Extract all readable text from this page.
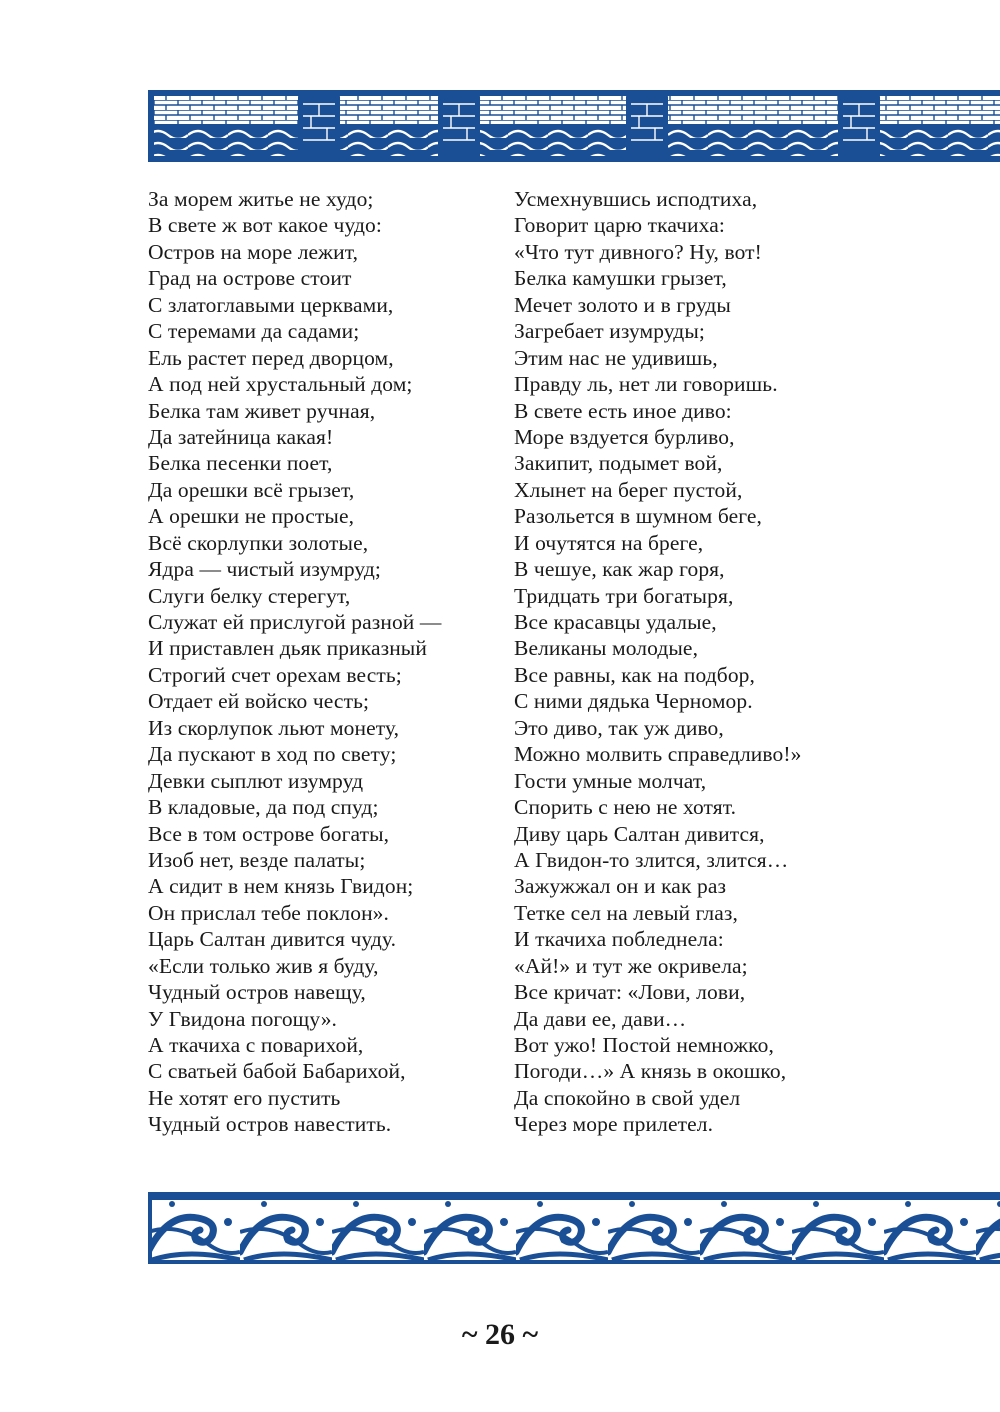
За морем житье не худо;
В свете ж вот какое чудо:
Остров на море лежит,
Град на острове стоит
С златоглавыми церквами,
С теремами да садами;
Ель растет перед дворцом,
А под ней хрустальный дом;
Белка там живет ручная,
Да затейница какая!
Белка песенки поет,
Да орешки всё грызет,
А орешки не простые,
Всё скорлупки золотые,
Ядра — чистый изумруд;
Слуги белку стерегут,
Служат ей прислугой разной —
И приставлен дьяк приказный
Строгий счет орехам весть;
Отдает ей войско честь;
Из скорлупок льют монету,
Да пускают в ход по свету;
Девки сыплют изумруд
В кладовые, да под спуд;
Все в том острове богаты,
Изоб нет, везде палаты;
А сидит в нем князь Гвидон;
Он прислал тебе поклон».
Царь Салтан дивится чуду.
«Если только жив я буду,
Чудный остров навещу,
У Гвидона погощу».
А ткачиха с поварихой,
С сватьей бабой Бабарихой,
Не хотят его пустить
Чудный остров навестить.
Усмехнувшись исподтиха,
Говорит царю ткачиха:
«Что тут дивного? Ну, вот!
Белка камушки грызет,
Мечет золото и в груды
Загребает изумруды;
Этим нас не удивишь,
Правду ль, нет ли говоришь.
В свете есть иное диво:
Море вздуется бурливо,
Закипит, подымет вой,
Хлынет на берег пустой,
Разольется в шумном беге,
И очутятся на бреге,
В чешуе, как жар горя,
Тридцать три богатыря,
Все красавцы удалые,
Великаны молодые,
Все равны, как на подбор,
С ними дядька Черномор.
Это диво, так уж диво,
Можно молвить справедливо!»
Гости умные молчат,
Спорить с нею не хотят.
Диву царь Салтан дивится,
А Гвидон-то злится, злится…
Зажужжал он и как раз
Тетке сел на левый глаз,
И ткачиха побледнела:
«Ай!» и тут же окривела;
Все кричат: «Лови, лови,
Да дави ее, дави…
Вот ужо! Постой немножко,
Погоди…» А князь в окошко,
Да спокойно в свой удел
Через море прилетел.
~ 26 ~
